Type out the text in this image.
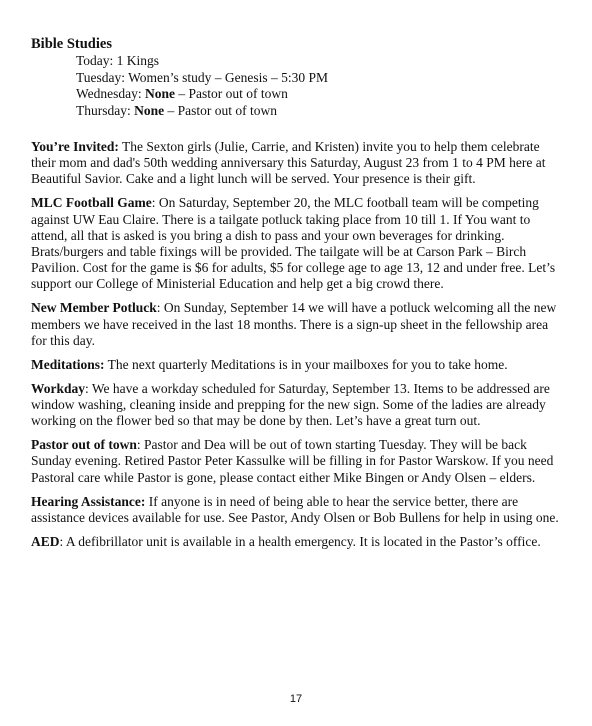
Bible Studies
Today: 1 Kings
Tuesday: Women’s study – Genesis – 5:30 PM
Wednesday: None – Pastor out of town
Thursday: None – Pastor out of town

You’re Invited: The Sexton girls (Julie, Carrie, and Kristen) invite you to help them celebrate their mom and dad's 50th wedding anniversary this Saturday, August 23 from 1 to 4 PM here at Beautiful Savior. Cake and a light lunch will be served. Your presence is their gift.

MLC Football Game: On Saturday, September 20, the MLC football team will be competing against UW Eau Claire. There is a tailgate potluck taking place from 10 till 1. If You want to attend, all that is asked is you bring a dish to pass and your own beverages for drinking. Brats/burgers and table fixings will be provided. The tailgate will be at Carson Park – Birch Pavilion. Cost for the game is $6 for adults, $5 for college age to age 13, 12 and under free. Let’s support our College of Ministerial Education and help get a big crowd there.

New Member Potluck: On Sunday, September 14 we will have a potluck welcoming all the new members we have received in the last 18 months. There is a sign-up sheet in the fellowship area for this day.

Meditations: The next quarterly Meditations is in your mailboxes for you to take home.

Workday: We have a workday scheduled for Saturday, September 13. Items to be addressed are window washing, cleaning inside and prepping for the new sign. Some of the ladies are already working on the flower bed so that may be done by then. Let’s have a great turn out.

Pastor out of town: Pastor and Dea will be out of town starting Tuesday. They will be back Sunday evening. Retired Pastor Peter Kassulke will be filling in for Pastor Warskow. If you need Pastoral care while Pastor is gone, please contact either Mike Bingen or Andy Olsen – elders.

Hearing Assistance: If anyone is in need of being able to hear the service better, there are assistance devices available for use. See Pastor, Andy Olsen or Bob Bullens for help in using one.

AED: A defibrillator unit is available in a health emergency. It is located in the Pastor’s office.

17
